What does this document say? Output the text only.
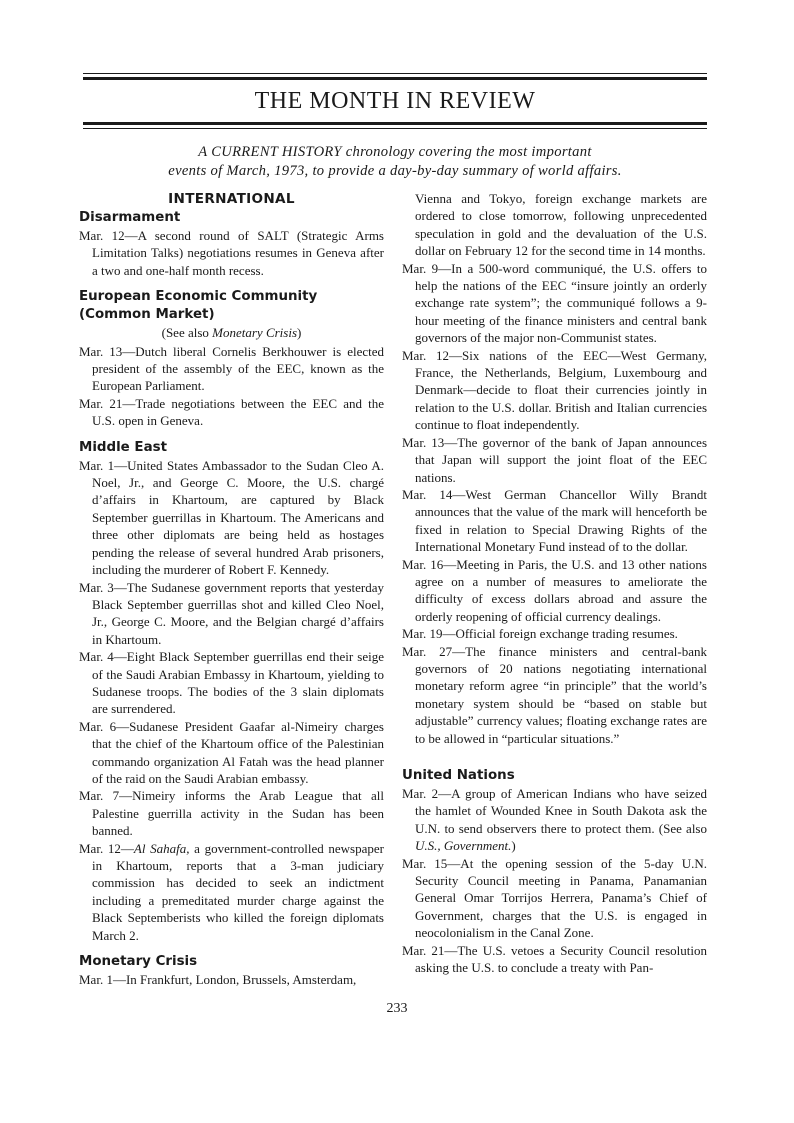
THE MONTH IN REVIEW
A CURRENT HISTORY chronology covering the most important
events of March, 1973, to provide a day-by-day summary of world affairs.
INTERNATIONAL
Disarmament

Mar. 12—A second round of SALT (Strategic Arms Limitation Talks) negotiations resumes in Geneva after a two and one-half month recess.

European Economic Community
(Common Market)
(See also Monetary Crisis)

Mar. 13—Dutch liberal Cornelis Berkhouwer is elected president of the assembly of the EEC, known as the European Parliament.

Mar. 21—Trade negotiations between the EEC and the U.S. open in Geneva.

Middle East

Mar. 1—United States Ambassador to the Sudan Cleo A. Noel, Jr., and George C. Moore, the U.S. chargé d’affairs in Khartoum, are captured by Black September guerrillas in Khartoum. The Americans and three other diplomats are being held as hostages pending the release of several hundred Arab prisoners, including the murderer of Robert F. Kennedy.

Mar. 3—The Sudanese government reports that yesterday Black September guerrillas shot and killed Cleo Noel, Jr., George C. Moore, and the Belgian chargé d’affairs in Khartoum.

Mar. 4—Eight Black September guerrillas end their seige of the Saudi Arabian Embassy in Khartoum, yielding to Sudanese troops. The bodies of the 3 slain diplomats are surrendered.

Mar. 6—Sudanese President Gaafar al-Nimeiry charges that the chief of the Khartoum office of the Palestinian commando organization Al Fatah was the head planner of the raid on the Saudi Arabian embassy.

Mar. 7—Nimeiry informs the Arab League that all Palestine guerrilla activity in the Sudan has been banned.

Mar. 12—Al Sahafa, a government-controlled newspaper in Khartoum, reports that a 3-man judiciary commission has decided to seek an indictment including a premeditated murder charge against the Black Septemberists who killed the foreign diplomats March 2.

Monetary Crisis

Mar. 1—In Frankfurt, London, Brussels, Amsterdam,

Vienna and Tokyo, foreign exchange markets are ordered to close tomorrow, following unprecedented speculation in gold and the devaluation of the U.S. dollar on February 12 for the second time in 14 months.

Mar. 9—In a 500-word communiqué, the U.S. offers to help the nations of the EEC “insure jointly an orderly exchange rate system”; the communiqué follows a 9-hour meeting of the finance ministers and central bank governors of the major non-Communist states.

Mar. 12—Six nations of the EEC—West Germany, France, the Netherlands, Belgium, Luxembourg and Denmark—decide to float their currencies jointly in relation to the U.S. dollar. British and Italian currencies continue to float independently.

Mar. 13—The governor of the bank of Japan announces that Japan will support the joint float of the EEC nations.

Mar. 14—West German Chancellor Willy Brandt announces that the value of the mark will henceforth be fixed in relation to Special Drawing Rights of the International Monetary Fund instead of to the dollar.

Mar. 16—Meeting in Paris, the U.S. and 13 other nations agree on a number of measures to ameliorate the difficulty of excess dollars abroad and assure the orderly reopening of official currency dealings.

Mar. 19—Official foreign exchange trading resumes.

Mar. 27—The finance ministers and central-bank governors of 20 nations negotiating international monetary reform agree “in principle” that the world’s monetary system should be “based on stable but adjustable” currency values; floating exchange rates are to be allowed in “particular situations.”

United Nations

Mar. 2—A group of American Indians who have seized the hamlet of Wounded Knee in South Dakota ask the U.N. to send observers there to protect them. (See also U.S., Government.)

Mar. 15—At the opening session of the 5-day U.N. Security Council meeting in Panama, Panamanian General Omar Torrijos Herrera, Panama’s Chief of Government, charges that the U.S. is engaged in neocolonialism in the Canal Zone.

Mar. 21—The U.S. vetoes a Security Council resolution asking the U.S. to conclude a treaty with Pan-

233
